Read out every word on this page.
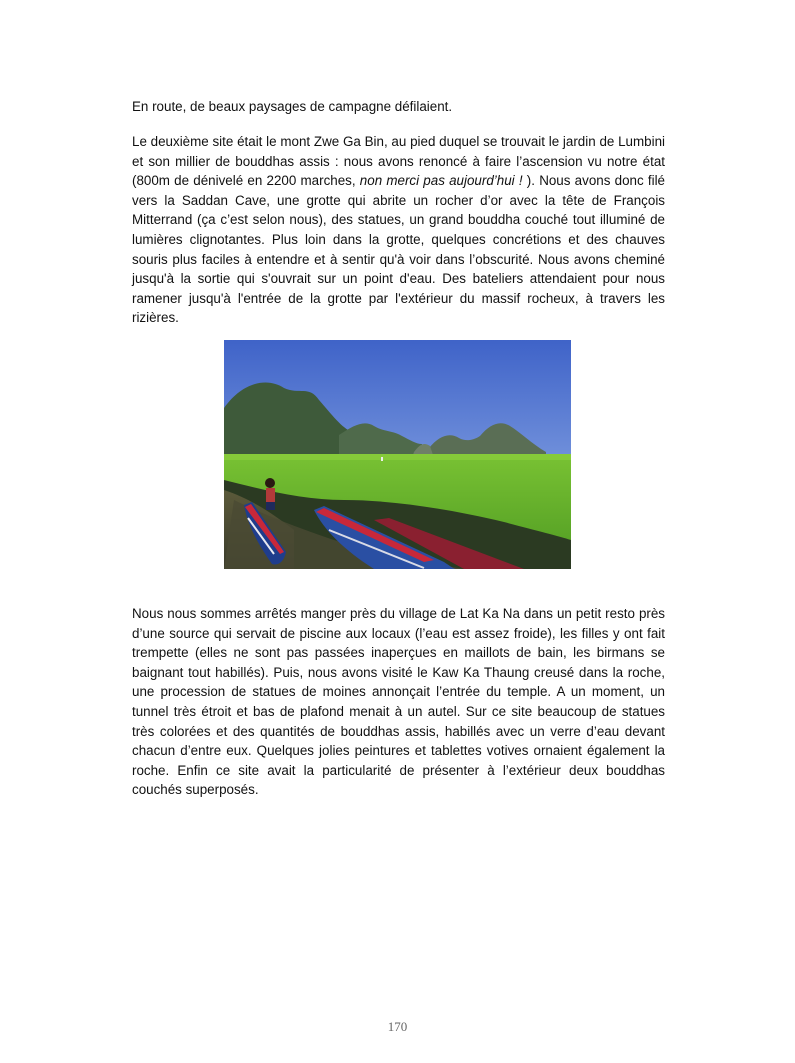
En route, de beaux paysages de campagne défilaient.

Le deuxième site était le mont Zwe Ga Bin, au pied duquel se trouvait le jardin de Lumbini et son millier de bouddhas assis : nous avons renoncé à faire l’ascension vu notre état (800m de dénivelé en 2200 marches, non merci pas aujourd’hui ! ). Nous avons donc filé vers la Saddan Cave, une grotte qui abrite un rocher d’or avec la tête de François Mitterrand (ça c’est selon nous), des statues, un grand bouddha couché tout illuminé de lumières clignotantes. Plus loin dans la grotte, quelques concrétions et des chauves souris plus faciles à entendre et à sentir qu'à voir dans l’obscurité. Nous avons cheminé jusqu'à la sortie qui s'ouvrait sur un point d'eau. Des bateliers attendaient pour nous ramener jusqu'à l'entrée de la grotte par l'extérieur du massif rocheux, à travers les rizières.

Nous nous sommes arrêtés manger près du village de Lat Ka Na dans un petit resto près d’une source qui servait de piscine aux locaux (l’eau est assez froide), les filles y ont fait trempette (elles ne sont pas passées inaperçues en maillots de bain, les birmans se baignant tout habillés). Puis, nous avons visité le Kaw Ka Thaung creusé dans la roche, une procession de statues de moines annonçait l’entrée du temple. A un moment, un tunnel très étroit et bas de plafond menait à un autel. Sur ce site beaucoup de statues très colorées et des quantités de bouddhas assis, habillés avec un verre d’eau devant chacun d’entre eux. Quelques jolies peintures et tablettes votives ornaient également la roche. Enfin ce site avait la particularité de présenter à l’extérieur deux bouddhas couchés superposés.

170
